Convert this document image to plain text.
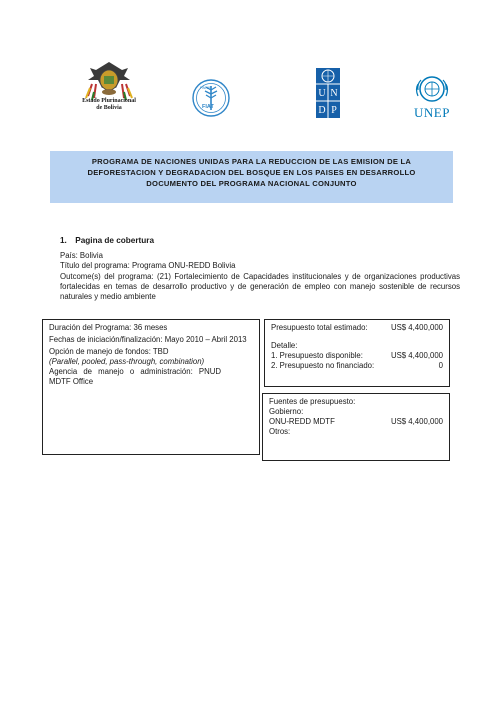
Estado Plurinacional
de Bolivia	FIAT
PANIS
U N
D P	UNEP
PROGRAMA DE NACIONES UNIDAS PARA LA REDUCCION DE LAS EMISION DE LA
DEFORESTACION Y DEGRADACION DEL BOSQUE EN LOS PAISES EN DESARROLLO
DOCUMENTO DEL PROGRAMA NACIONAL CONJUNTO
1. Pagina de cobertura
País: Bolivia
Título del programa: Programa ONU-REDD Bolivia
Outcome(s) del programa: (21) Fortalecimiento de Capacidades institucionales y de organizaciones productivas fortalecidas en temas de desarrollo productivo y de generación de empleo con manejo sostenible de recursos naturales y medio ambiente
Duración del Programa: 36 meses
Fechas de iniciación/finalización: Mayo 2010 – Abril 2013
Opción de manejo de fondos: TBD
(Parallel, pooled, pass-through, combination)
Agencia de manejo o administración: PNUD MDTF Office
Presupuesto total estimado:	US$ 4,400,000
Detalle:
1. Presupuesto disponible:	US$ 4,400,000
2. Presupuesto no financiado:	0
Fuentes de presupuesto:
Gobierno:
ONU-REDD MDTF	US$ 4,400,000
Otros:
